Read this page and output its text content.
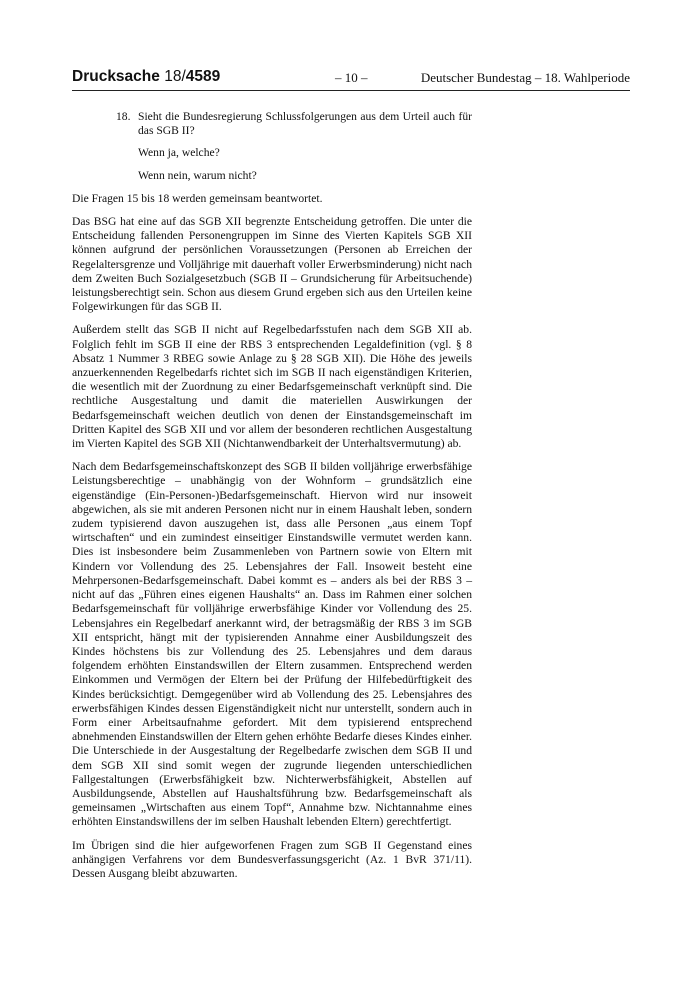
Drucksache 18/4589	– 10 –	Deutscher Bundestag – 18. Wahlperiode
18. Sieht die Bundesregierung Schlussfolgerungen aus dem Urteil auch für das SGB II?

Wenn ja, welche?

Wenn nein, warum nicht?

Die Fragen 15 bis 18 werden gemeinsam beantwortet.

Das BSG hat eine auf das SGB XII begrenzte Entscheidung getroffen. Die unter die Entscheidung fallenden Personengruppen im Sinne des Vierten Kapitels SGB XII können aufgrund der persönlichen Voraussetzungen (Personen ab Erreichen der Regelaltersgrenze und Volljährige mit dauerhaft voller Erwerbsminderung) nicht nach dem Zweiten Buch Sozialgesetzbuch (SGB II – Grundsicherung für Arbeitsuchende) leistungsberechtigt sein. Schon aus diesem Grund ergeben sich aus den Urteilen keine Folgewirkungen für das SGB II.

Außerdem stellt das SGB II nicht auf Regelbedarfsstufen nach dem SGB XII ab. Folglich fehlt im SGB II eine der RBS 3 entsprechenden Legaldefinition (vgl. § 8 Absatz 1 Nummer 3 RBEG sowie Anlage zu § 28 SGB XII). Die Höhe des jeweils anzuerkennenden Regelbedarfs richtet sich im SGB II nach eigenständigen Kriterien, die wesentlich mit der Zuordnung zu einer Bedarfsgemeinschaft verknüpft sind. Die rechtliche Ausgestaltung und damit die materiellen Auswirkungen der Bedarfsgemeinschaft weichen deutlich von denen der Einstandsgemeinschaft im Dritten Kapitel des SGB XII und vor allem der besonderen rechtlichen Ausgestaltung im Vierten Kapitel des SGB XII (Nichtanwendbarkeit der Unterhaltsvermutung) ab.

Nach dem Bedarfsgemeinschaftskonzept des SGB II bilden volljährige erwerbsfähige Leistungsberechtige – unabhängig von der Wohnform – grundsätzlich eine eigenständige (Ein-Personen-)Bedarfsgemeinschaft. Hiervon wird nur insoweit abgewichen, als sie mit anderen Personen nicht nur in einem Haushalt leben, sondern zudem typisierend davon auszugehen ist, dass alle Personen „aus einem Topf wirtschaften“ und ein zumindest einseitiger Einstandswille vermutet werden kann. Dies ist insbesondere beim Zusammenleben von Partnern sowie von Eltern mit Kindern vor Vollendung des 25. Lebensjahres der Fall. Insoweit besteht eine Mehrpersonen-Bedarfsgemeinschaft. Dabei kommt es – anders als bei der RBS 3 – nicht auf das „Führen eines eigenen Haushalts“ an. Dass im Rahmen einer solchen Bedarfsgemeinschaft für volljährige erwerbsfähige Kinder vor Vollendung des 25. Lebensjahres ein Regelbedarf anerkannt wird, der betragsmäßig der RBS 3 im SGB XII entspricht, hängt mit der typisierenden Annahme einer Ausbildungszeit des Kindes höchstens bis zur Vollendung des 25. Lebensjahres und dem daraus folgendem erhöhten Einstandswillen der Eltern zusammen. Entsprechend werden Einkommen und Vermögen der Eltern bei der Prüfung der Hilfebedürftigkeit des Kindes berücksichtigt. Demgegenüber wird ab Vollendung des 25. Lebensjahres des erwerbsfähigen Kindes dessen Eigenständigkeit nicht nur unterstellt, sondern auch in Form einer Arbeitsaufnahme gefordert. Mit dem typisierend entsprechend abnehmenden Einstandswillen der Eltern gehen erhöhte Bedarfe dieses Kindes einher. Die Unterschiede in der Ausgestaltung der Regelbedarfe zwischen dem SGB II und dem SGB XII sind somit wegen der zugrunde liegenden unterschiedlichen Fallgestaltungen (Erwerbsfähigkeit bzw. Nichterwerbsfähigkeit, Abstellen auf Ausbildungsende, Abstellen auf Haushaltsführung bzw. Bedarfsgemeinschaft als gemeinsamen „Wirtschaften aus einem Topf“, Annahme bzw. Nichtannahme eines erhöhten Einstandswillens der im selben Haushalt lebenden Eltern) gerechtfertigt.

Im Übrigen sind die hier aufgeworfenen Fragen zum SGB II Gegenstand eines anhängigen Verfahrens vor dem Bundesverfassungsgericht (Az. 1 BvR 371/11). Dessen Ausgang bleibt abzuwarten.
